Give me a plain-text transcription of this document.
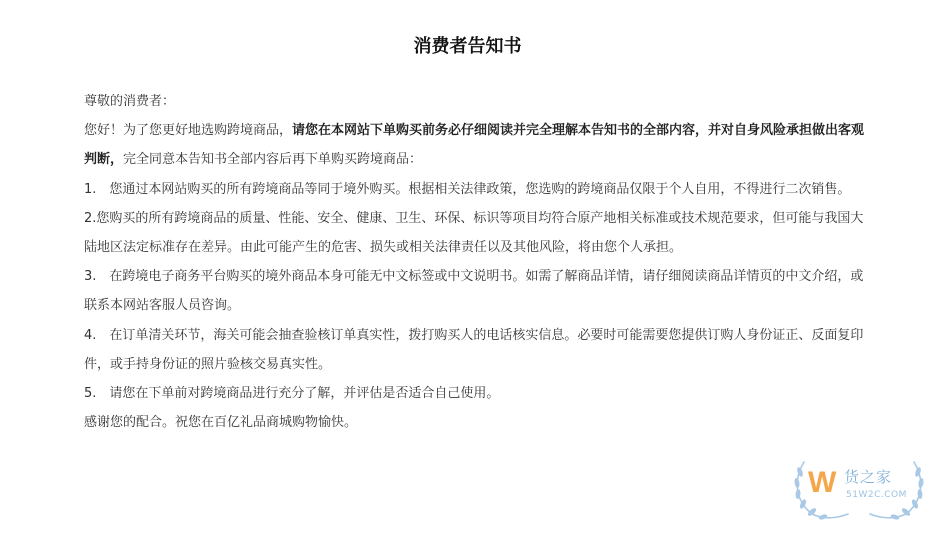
消费者告知书

尊敬的消费者：

您好！为了您更好地选购跨境商品，请您在本网站下单购买前务必仔细阅读并完全理解本告知书的全部内容，并对自身风险承担做出客观判断，完全同意本告知书全部内容后再下单购买跨境商品：

1.　您通过本网站购买的所有跨境商品等同于境外购买。根据相关法律政策，您选购的跨境商品仅限于个人自用，不得进行二次销售。

2.您购买的所有跨境商品的质量、性能、安全、健康、卫生、环保、标识等项目均符合原产地相关标准或技术规范要求，但可能与我国大陆地区法定标准存在差异。由此可能产生的危害、损失或相关法律责任以及其他风险，将由您个人承担。

3.　在跨境电子商务平台购买的境外商品本身可能无中文标签或中文说明书。如需了解商品详情，请仔细阅读商品详情页的中文介绍，或联系本网站客服人员咨询。

4.　在订单清关环节，海关可能会抽查验核订单真实性，拨打购买人的电话核实信息。必要时可能需要您提供订购人身份证正、反面复印件，或手持身份证的照片验核交易真实性。

5.　请您在下单前对跨境商品进行充分了解，并评估是否适合自己使用。

感谢您的配合。祝您在百亿礼品商城购物愉快。

W 货之家
51W2C.COM
